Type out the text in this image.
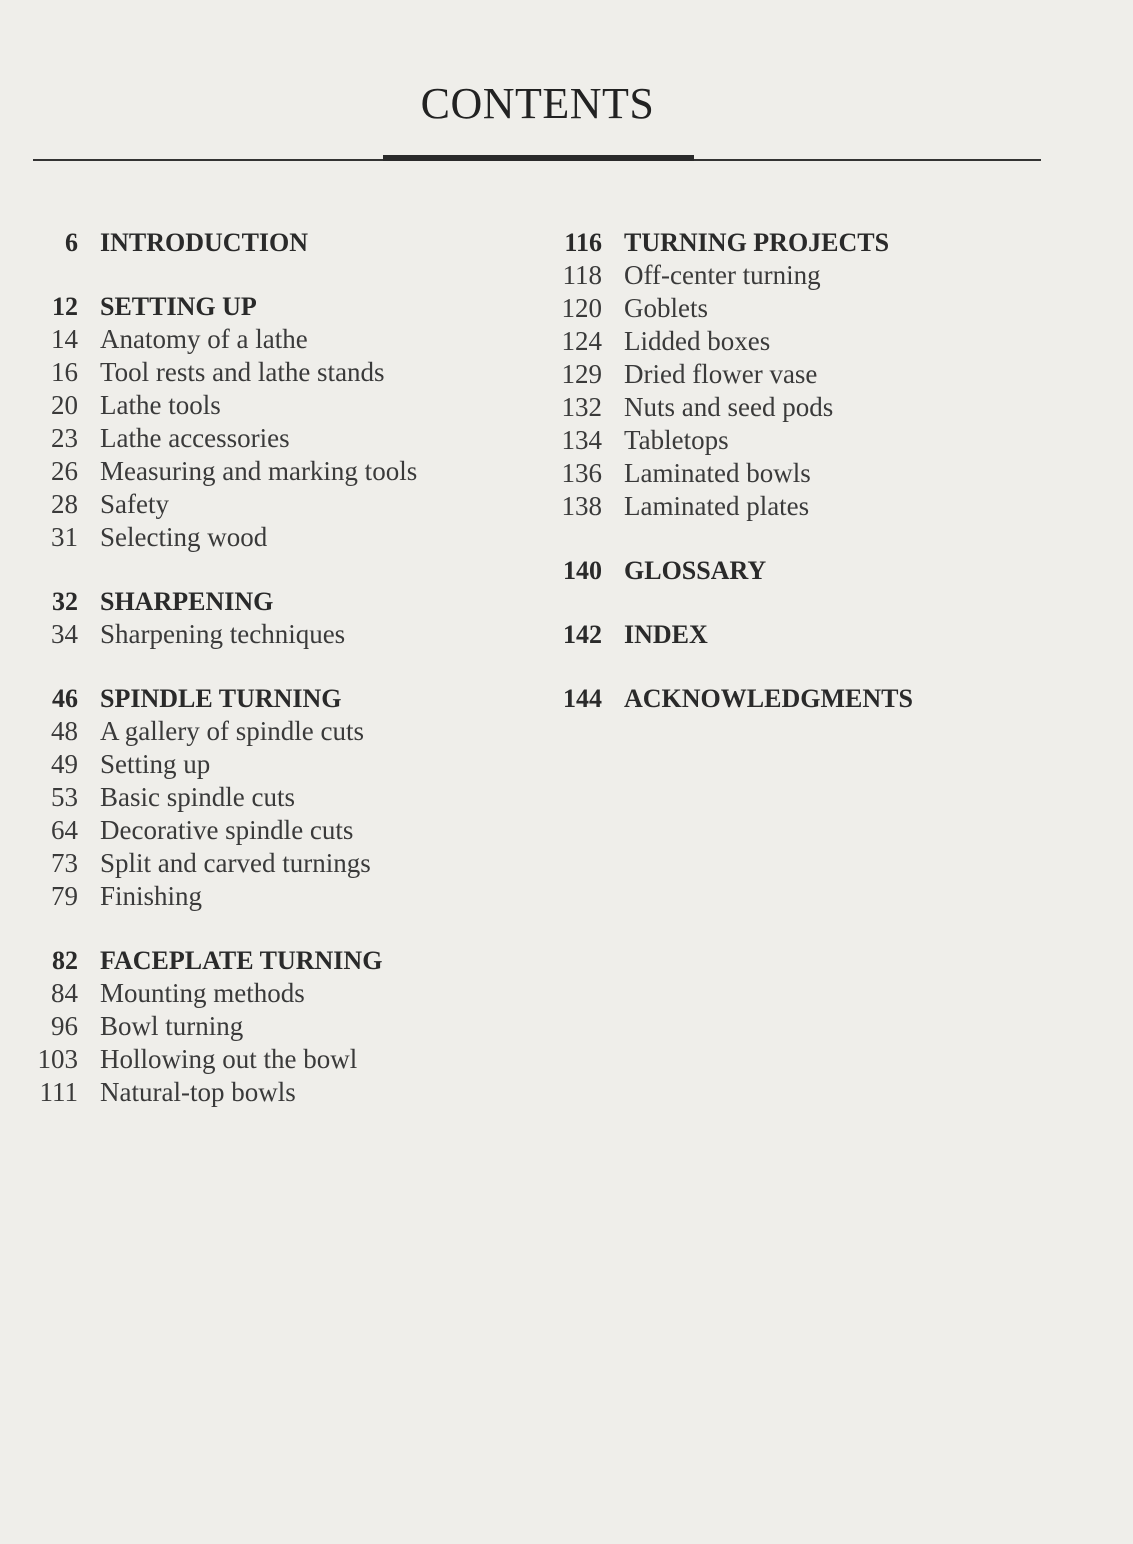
CONTENTS
6 INTRODUCTION
12 SETTING UP
14 Anatomy of a lathe
16 Tool rests and lathe stands
20 Lathe tools
23 Lathe accessories
26 Measuring and marking tools
28 Safety
31 Selecting wood
32 SHARPENING
34 Sharpening techniques
46 SPINDLE TURNING
48 A gallery of spindle cuts
49 Setting up
53 Basic spindle cuts
64 Decorative spindle cuts
73 Split and carved turnings
79 Finishing
82 FACEPLATE TURNING
84 Mounting methods
96 Bowl turning
103 Hollowing out the bowl
111 Natural-top bowls
116 TURNING PROJECTS
118 Off-center turning
120 Goblets
124 Lidded boxes
129 Dried flower vase
132 Nuts and seed pods
134 Tabletops
136 Laminated bowls
138 Laminated plates
140 GLOSSARY
142 INDEX
144 ACKNOWLEDGMENTS
